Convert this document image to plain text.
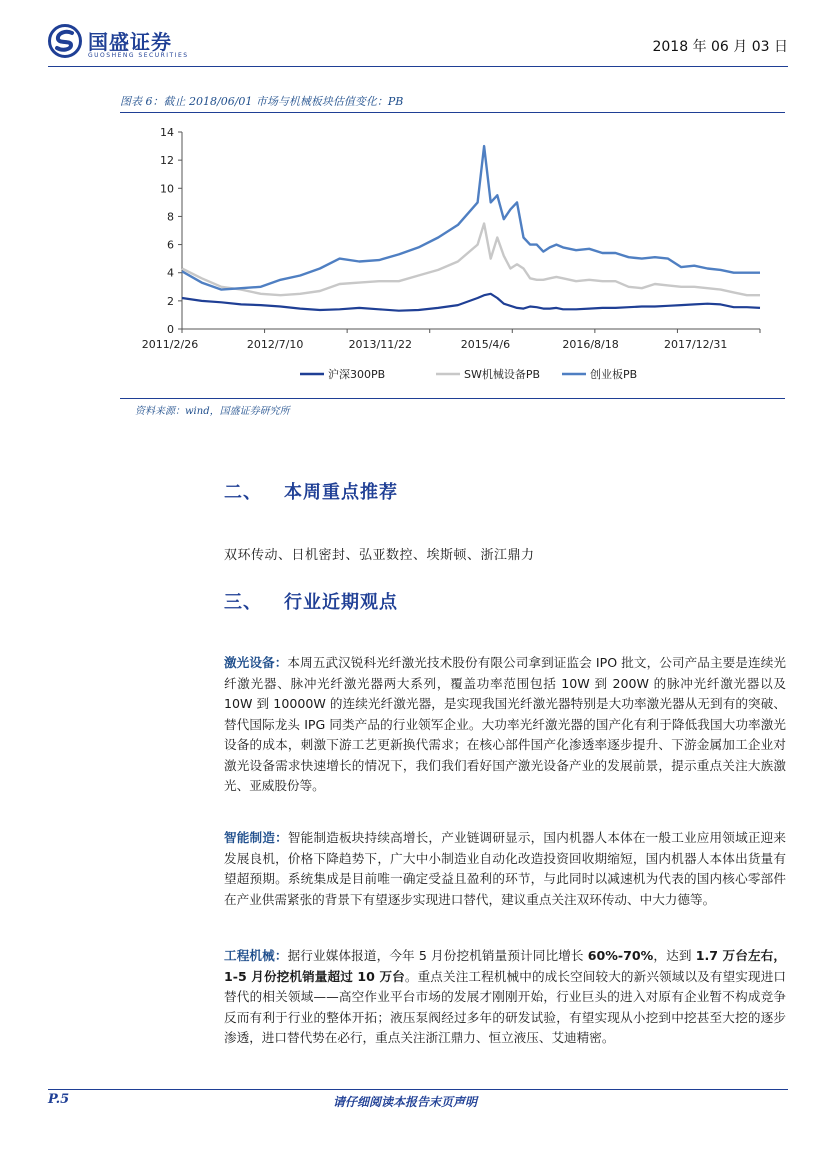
国盛证券
GUOSHENG SECURITIES
2018 年 06 月 03 日
图表 6：截止 2018/06/01 市场与机械板块估值变化：PB
0
2
4
6
8
10
12
14
2011/2/26	2012/7/10	2013/11/22	2015/4/6	2016/8/18	2017/12/31
沪深300PB	SW机械设备PB	创业板PB
资料来源：wind，国盛证券研究所
二、 本周重点推荐
双环传动、日机密封、弘亚数控、埃斯顿、浙江鼎力
三、 行业近期观点
激光设备：本周五武汉锐科光纤激光技术股份有限公司拿到证监会 IPO 批文，公司产品主要是连续光纤激光器、脉冲光纤激光器两大系列，覆盖功率范围包括 10W 到 200W 的脉冲光纤激光器以及 10W 到 10000W 的连续光纤激光器，是实现我国光纤激光器特别是大功率激光器从无到有的突破、替代国际龙头 IPG 同类产品的行业领军企业。大功率光纤激光器的国产化有利于降低我国大功率激光设备的成本，刺激下游工艺更新换代需求；在核心部件国产化渗透率逐步提升、下游金属加工企业对激光设备需求快速增长的情况下，我们我们看好国产激光设备产业的发展前景，提示重点关注大族激光、亚威股份等。
智能制造：智能制造板块持续高增长，产业链调研显示，国内机器人本体在一般工业应用领域正迎来发展良机，价格下降趋势下，广大中小制造业自动化改造投资回收期缩短，国内机器人本体出货量有望超预期。系统集成是目前唯一确定受益且盈利的环节，与此同时以减速机为代表的国内核心零部件在产业供需紧张的背景下有望逐步实现进口替代，建议重点关注双环传动、中大力德等。
工程机械：据行业媒体报道，今年 5 月份挖机销量预计同比增长 60%-70%，达到 1.7 万台左右，1-5 月份挖机销量超过 10 万台。重点关注工程机械中的成长空间较大的新兴领域以及有望实现进口替代的相关领域——高空作业平台市场的发展才刚刚开始，行业巨头的进入对原有企业暂不构成竞争反而有利于行业的整体开拓；液压泵阀经过多年的研发试验，有望实现从小挖到中挖甚至大挖的逐步渗透，进口替代势在必行，重点关注浙江鼎力、恒立液压、艾迪精密。
P.5	请仔细阅读本报告末页声明
